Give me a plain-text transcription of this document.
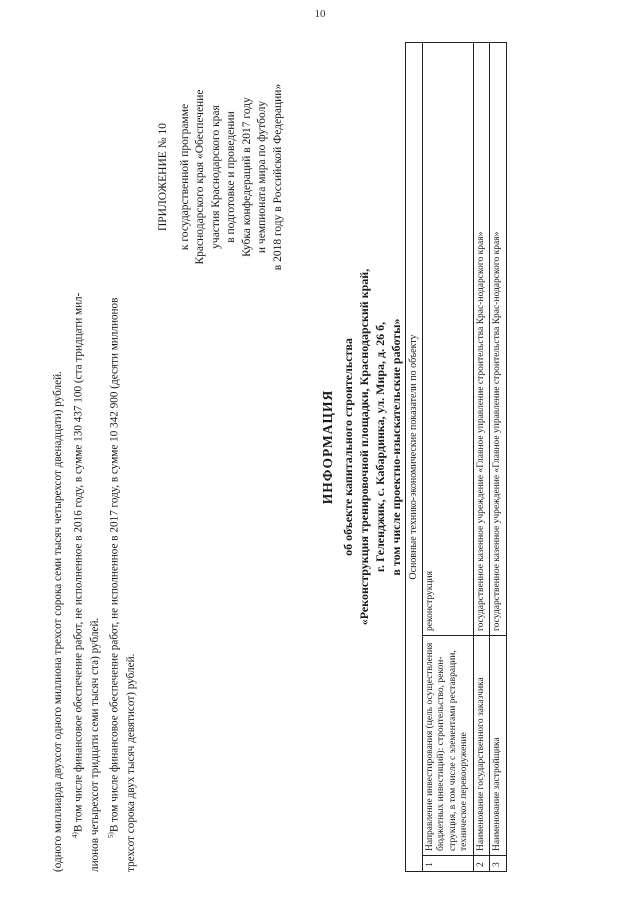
10

(одного миллиарда двухсот одного миллиона трехсот сорока семи тысяч четырехсот двенадцати) рублей. $^{4)}$В том числе финансовое обеспечение работ, не исполненное в 2016 году, в сумме 130 437 100 (ста тридцати мил- лионов четырехсот тридцати семи тысяч ста) рублей. $^{5)}$В том числе финансовое обеспечение работ, не исполненное в 2017 году, в сумме 10 342 900 (десяти миллионов трехсот сорока двух тысяч девятисот) рублей.

ПРИЛОЖЕНИЕ № 10 к государственной программе Краснодарского края «Обеспечение участия Краснодарского края в подготовке и проведении Кубка конфедераций в 2017 году и чемпионата мира по футболу в 2018 году в Российской Федерации»
ИНФОРМАЦИЯ об объекте капитального строительства «Реконструкция тренировочной площадки, Краснодарский край, г. Геленджик, с. Кабардинка, ул. Мира, д. 26 б, в том числе проектно-изыскательские работы» Основные технико-экономические показатели по объекту		
1	Направление инвестирования (цель осуществления бюджетных инвестиций): строительство, рекон-струкция, в том числе с элементами реставрации, техническое перевооружение	реконструкция
2	Наименование государственного заказчика	государственное казенное учреждение «Главное управление строительства Крас-нодарского края»
3	Наименование застройщика	государственное казенное учреждение «Главное управление строительства Крас-нодарского края»
